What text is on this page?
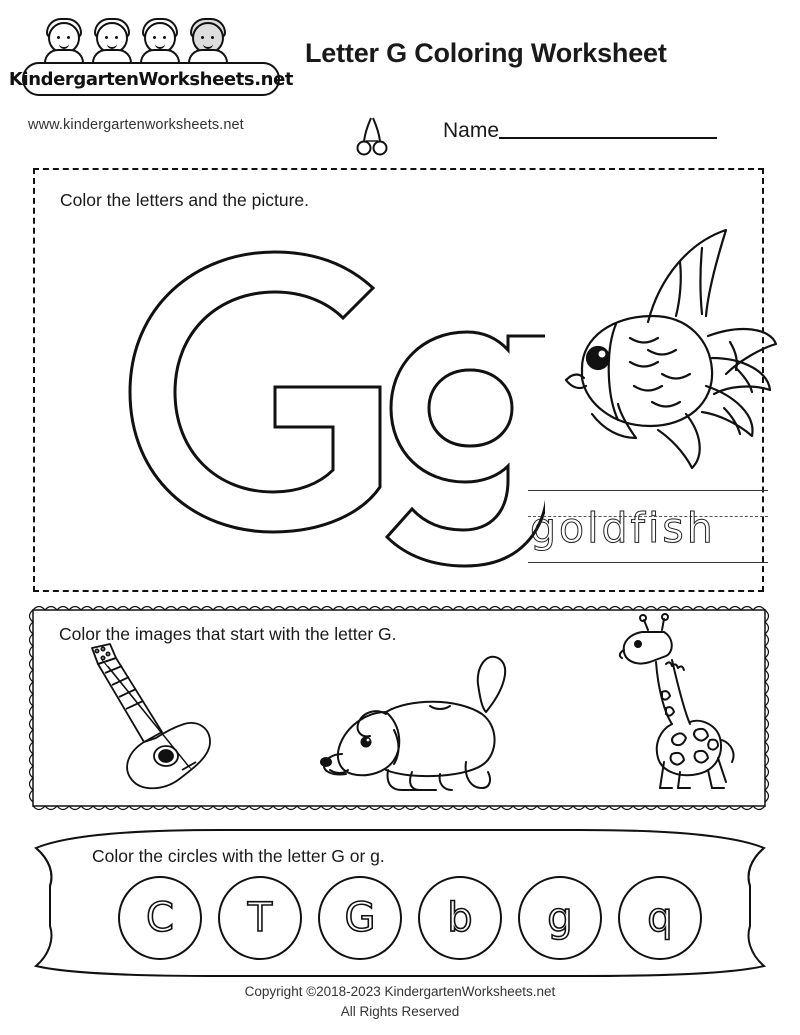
KindergartenWorksheets.net
www.kindergartenworksheets.net
Letter G Coloring Worksheet
Name
Color the letters and the picture.
goldfish
Color the images that start with the letter G.
Color the circles with the letter G or g.
C T G b g q
Copyright ©2018-2023 KindergartenWorksheets.net
All Rights Reserved
